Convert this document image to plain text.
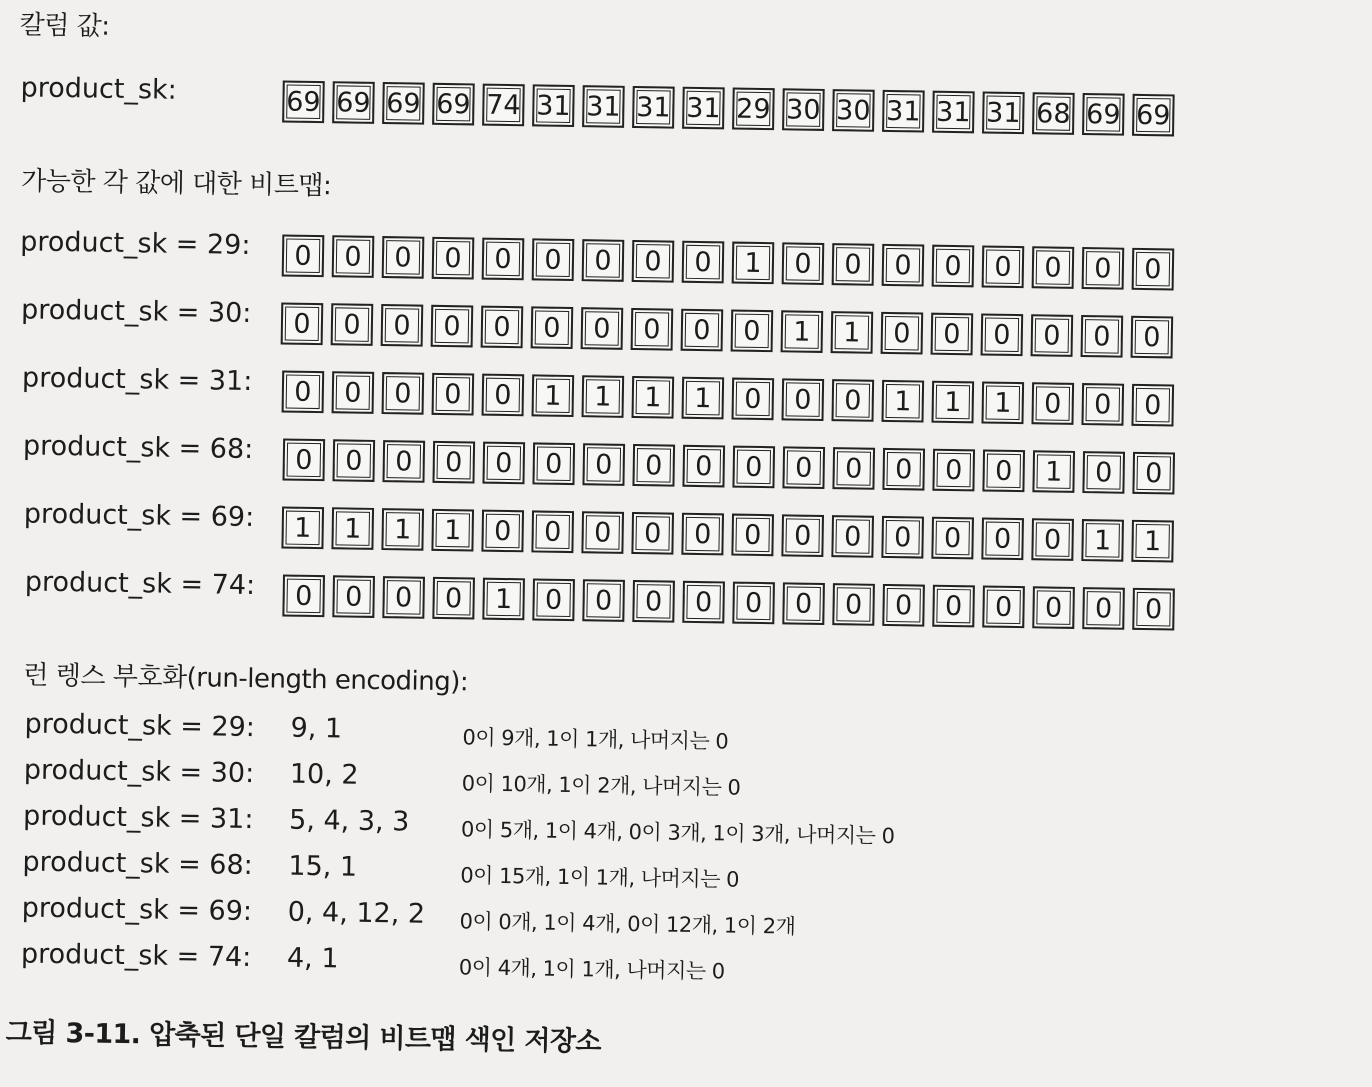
칼럼 값:
product_sk:	69 69 69 69 74 31 31 31 31 29 30 30 31 31 31 68 69 69
가능한 각 값에 대한 비트맵:
product_sk = 29: 0 0 0 0 0 0 0 0 0 1 0 0 0 0 0 0 0 0
product_sk = 30: 0 0 0 0 0 0 0 0 0 0 1 1 0 0 0 0 0 0
product_sk = 31: 0 0 0 0 0 1 1 1 1 0 0 0 1 1 1 0 0 0
product_sk = 68: 0 0 0 0 0 0 0 0 0 0 0 0 0 0 0 1 0 0
product_sk = 69: 1 1 1 1 0 0 0 0 0 0 0 0 0 0 0 0 1 1
product_sk = 74: 0 0 0 0 1 0 0 0 0 0 0 0 0 0 0 0 0 0
런 렝스 부호화(run-length encoding):
product_sk = 29: 9, 1	0이 9개, 1이 1개, 나머지는 0
product_sk = 30: 10, 2	0이 10개, 1이 2개, 나머지는 0
product_sk = 31: 5, 4, 3, 3 0이 5개, 1이 4개, 0이 3개, 1이 3개, 나머지는 0
product_sk = 68: 15, 1	0이 15개, 1이 1개, 나머지는 0
product_sk = 69: 0, 4, 12, 2 0이 0개, 1이 4개, 0이 12개, 1이 2개
product_sk = 74: 4, 1	0이 4개, 1이 1개, 나머지는 0
그림 3-11. 압축된 단일 칼럼의 비트맵 색인 저장소
